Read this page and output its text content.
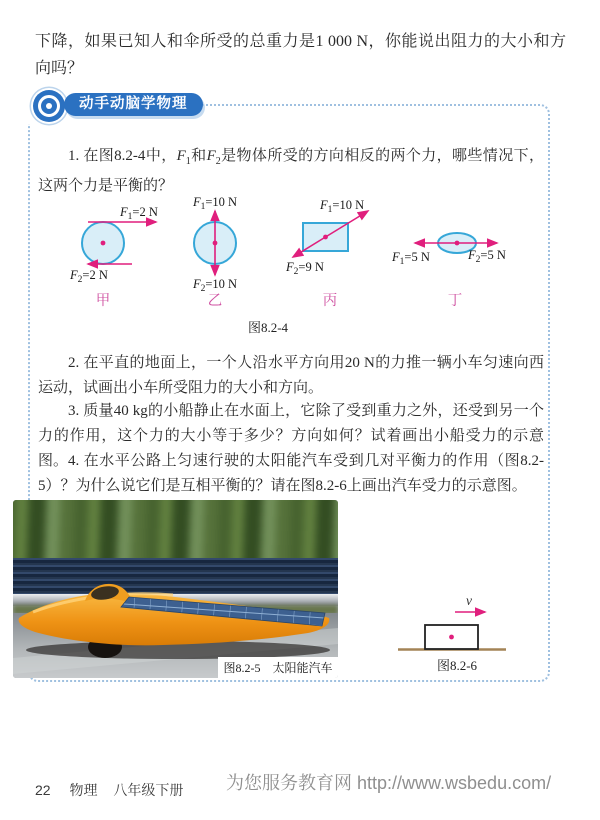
下降，如果已知人和伞所受的总重力是1 000 N，你能说出阻力的大小和方向吗？

动手动脑学物理

1. 在图8.2-4中，$F_1$和$F_2$是物体所受的方向相反的两个力，哪些情况下，这两个力是平衡的？

$F_1=2$ N
$F_2=2$ N
甲
$F_1=10$ N
$F_2=10$ N
乙
$F_1=10$ N
$F_2=9$ N
丙
$F_1=5$ N	$F_2=5$ N
丁
图8.2-4

2. 在平直的地面上，一个人沿水平方向用20 N的力推一辆小车匀速向西运动，试画出小车所受阻力的大小和方向。

3. 质量40 kg的小船静止在水面上，它除了受到重力之外，还受到另一个力的作用，这个力的大小等于多少？方向如何？试着画出小船受力的示意图。 4. 在水平公路上匀速行驶的太阳能汽车受到几对平衡力的作用（图8.2-5）？为什么说它们是互相平衡的？请在图8.2-6上画出汽车受力的示意图。

图8.2-5　太阳能汽车
v
图8.2-6
22 物理 八年级下册 为您服务教育网 http://www.wsbedu.com/
